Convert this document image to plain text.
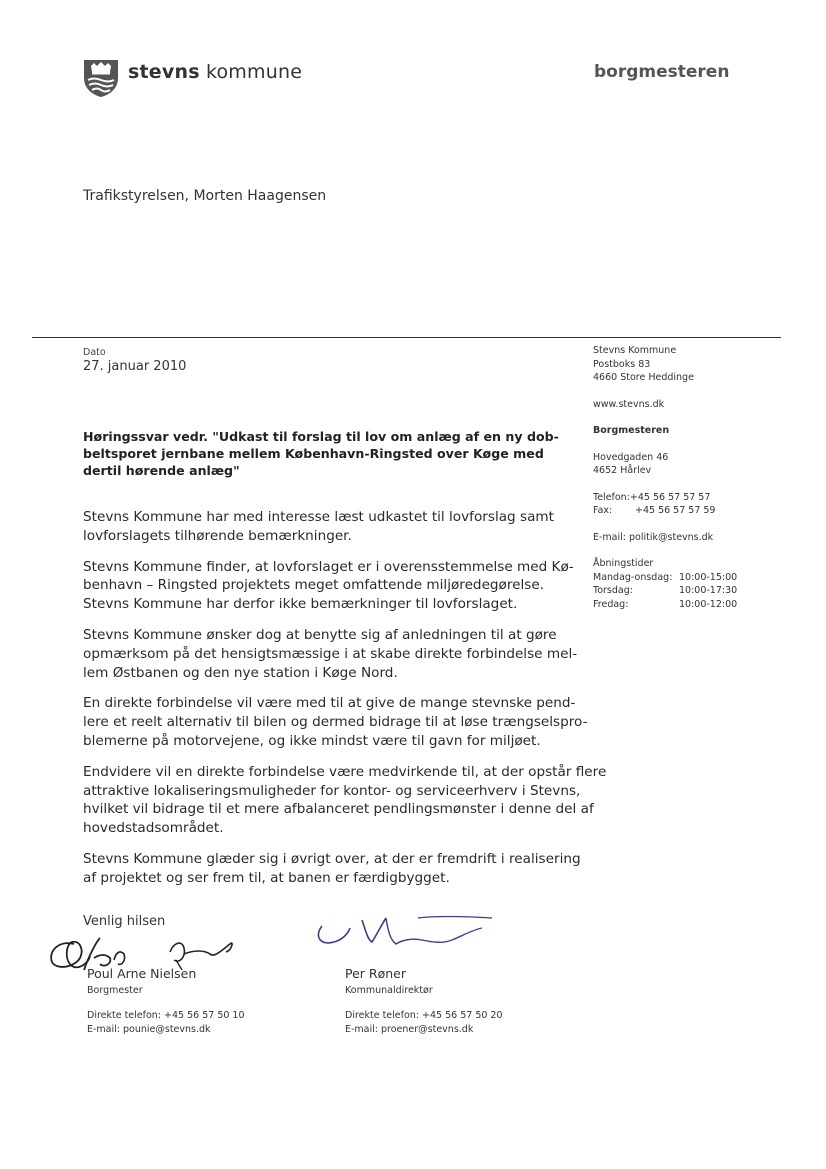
stevns kommune	borgmesteren
Trafikstyrelsen, Morten Haagensen
Dato
27. januar 2010
Stevns Kommune
Postboks 83
4660 Store Heddinge
www.stevns.dk
Borgmesteren
Hovedgaden 46
4652 Hårlev
Telefon: +45 56 57 57 57
Fax:	+45 56 57 57 59
E-mail:
politik@stevns.dk
Åbningstider
Mandag-onsdag: 10:00-15:00
Torsdag:	10:00-17:30
Fredag:	10:00-12:00
Høringssvar vedr. "Udkast til forslag til lov om anlæg af en ny dob-
beltsporet jernbane mellem København-Ringsted over Køge med
dertil hørende anlæg"
Stevns Kommune har med interesse læst udkastet til lovforslag samt
lovforslagets tilhørende bemærkninger.
Stevns Kommune finder, at lovforslaget er i overensstemmelse med Kø-
benhavn – Ringsted projektets meget omfattende miljøredegørelse.
Stevns Kommune har derfor ikke bemærkninger til lovforslaget.
Stevns Kommune ønsker dog at benytte sig af anledningen til at gøre
opmærksom på det hensigtsmæssige i at skabe direkte forbindelse mel-
lem Østbanen og den nye station i Køge Nord.
En direkte forbindelse vil være med til at give de mange stevnske pend-
lere et reelt alternativ til bilen og dermed bidrage til at løse trængselspro-
blemerne på motorvejene, og ikke mindst være til gavn for miljøet.
Endvidere vil en direkte forbindelse være medvirkende til, at der opstår flere
attraktive lokaliseringsmuligheder for kontor- og serviceerhverv i Stevns,
hvilket vil bidrage til et mere afbalanceret pendlingsmønster i denne del af
hovedstadsområdet.
Stevns Kommune glæder sig i øvrigt over, at der er fremdrift i realisering
af projektet og ser frem til, at banen er færdigbygget.
Venlig hilsen
Poul Arne Nielsen
Borgmester
Direkte telefon: +45 56 57 50 10
E-mail: pounie@stevns.dk
Per Røner
Kommunaldirektør
Direkte telefon: +45 56 57 50 20
E-mail: proener@stevns.dk
